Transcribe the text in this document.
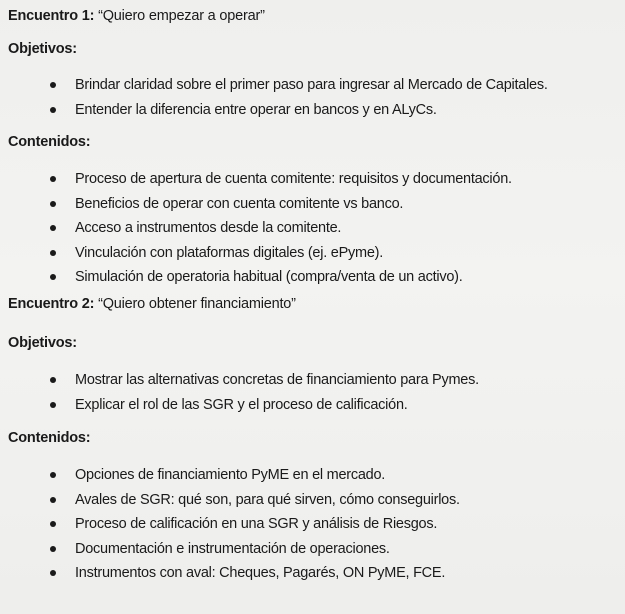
Encuentro 1: “Quiero empezar a operar”
Objetivos:
Brindar claridad sobre el primer paso para ingresar al Mercado de Capitales.
Entender la diferencia entre operar en bancos y en ALyCs.
Contenidos:
Proceso de apertura de cuenta comitente: requisitos y documentación.
Beneficios de operar con cuenta comitente vs banco.
Acceso a instrumentos desde la comitente.
Vinculación con plataformas digitales (ej. ePyme).
Simulación de operatoria habitual (compra/venta de un activo).
Encuentro 2: “Quiero obtener financiamiento”
Objetivos:
Mostrar las alternativas concretas de financiamiento para Pymes.
Explicar el rol de las SGR y el proceso de calificación.
Contenidos:
Opciones de financiamiento PyME en el mercado.
Avales de SGR: qué son, para qué sirven, cómo conseguirlos.
Proceso de calificación en una SGR y análisis de Riesgos.
Documentación e instrumentación de operaciones.
Instrumentos con aval: Cheques, Pagarés, ON PyME, FCE.
